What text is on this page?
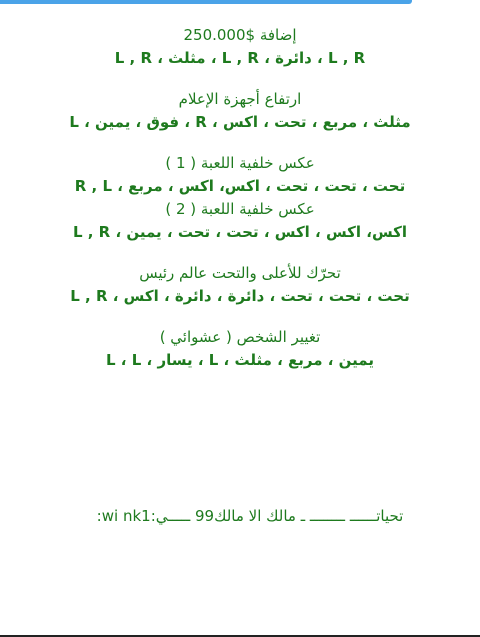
إضافة $250.000
L , R ، مثلث ، L , R ، دائرة ، L , R
ارتفاع أجهزة الإعلام
L ، فوق ، يمين ، R ، مثلث ، مربع ، تحت ، اكس
عكس خلفية اللعبة ( 1 )
تحت ، تحت ، تحت ، اكس، اكس ، مربع ، R , L
عكس خلفية اللعبة ( 2 )
اكس، اكس ، اكس ، تحت ، تحت ، يمين ، L , R
تحرّك للأعلى والتحت عالم رئيس
تحت ، تحت ، تحت ، دائرة ، دائرة ، اكس ، L , R
تغيير الشخص ( عشوائي )
L ، L ، يسار ، L ، يمين ، مربع ، مثلث
تحياتــــــ ــــــــ ـ مالك الا مالك99 ـــــي:wi nk1:
